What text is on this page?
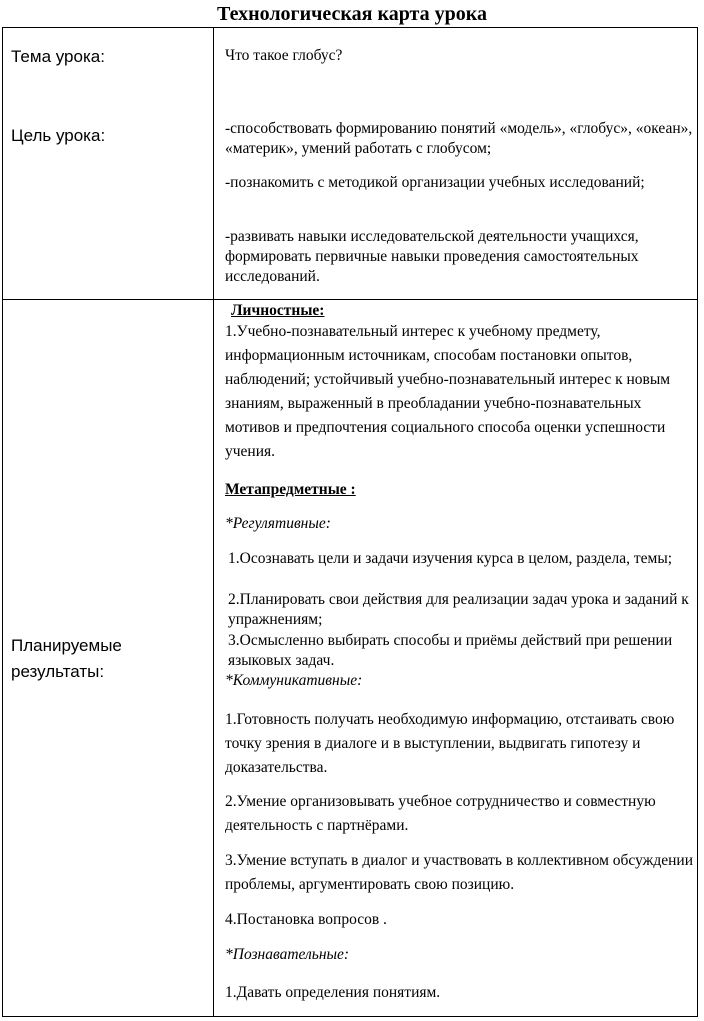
Технологическая карта урока
Тема урока:	Что такое глобус?
Цель урока:	-способствовать формированию понятий «модель», «глобус», «океан», «материк», умений работать с глобусом;
-познакомить с методикой организации учебных исследований;
-развивать навыки исследовательской деятельности учащихся, формировать первичные навыки проведения самостоятельных исследований.
Планируемые
результаты:
Личностные:
1.Учебно-познавательный интерес к учебному предмету, информационным источникам, способам постановки опытов, наблюдений; устойчивый учебно-познавательный интерес к новым знаниям, выраженный в преобладании учебно-познавательных мотивов и предпочтения социального способа оценки успешности учения.
Метапредметные :
*Регулятивные:
1.Осознавать цели и задачи изучения курса в целом, раздела, темы;
2.Планировать свои действия для реализации задач урока и заданий к упражнениям;
3.Осмысленно выбирать способы и приёмы действий при решении языковых задач.
*Коммуникативные:
1.Готовность получать необходимую информацию, отстаивать свою точку зрения в диалоге и в выступлении, выдвигать гипотезу и доказательства.
2.Умение организовывать учебное сотрудничество и совместную деятельность с партнёрами.
3.Умение вступать в диалог и участвовать в коллективном обсуждении проблемы, аргументировать свою позицию.
4.Постановка вопросов .
*Познавательные:
1.Давать определения понятиям.
